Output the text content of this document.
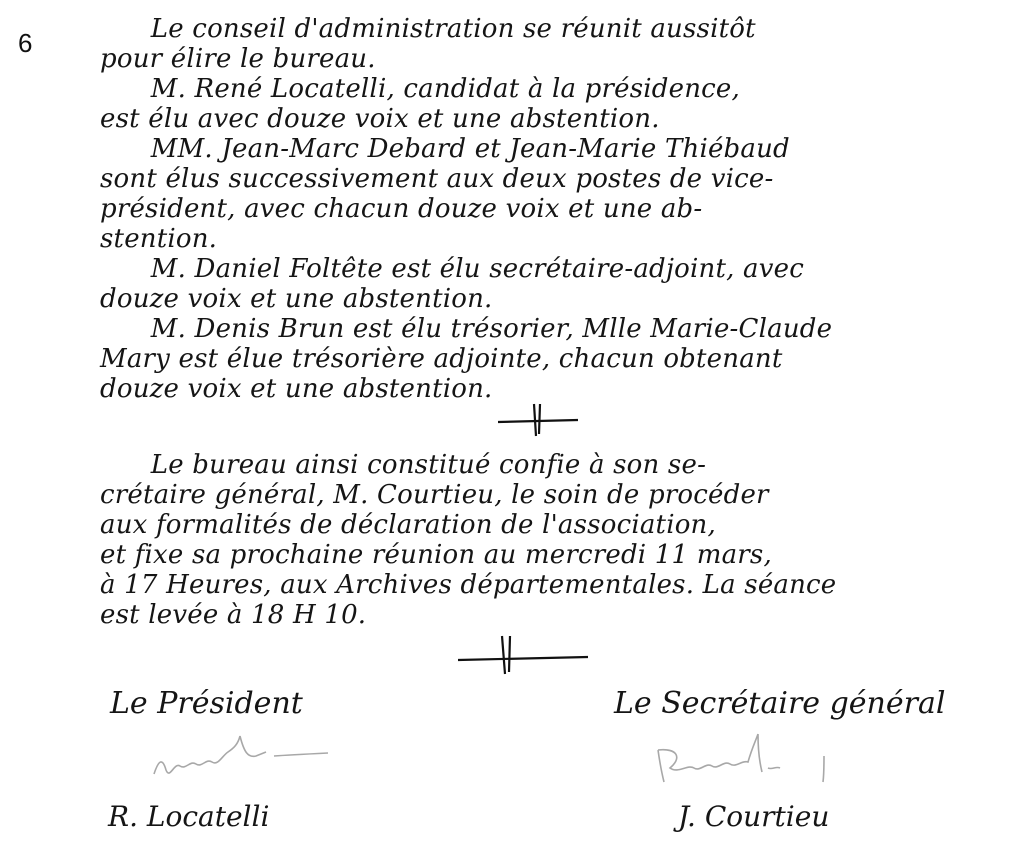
6	Le conseil d'administration se réunit aussitôt
pour élire le bureau.
M. René Locatelli, candidat à la présidence,
est élu avec douze voix et une abstention.
MM. Jean-Marc Debard et Jean-Marie Thiébaud
sont élus successivement aux deux postes de vice-
président, avec chacun douze voix et une ab-
stention.
M. Daniel Foltête est élu secrétaire-adjoint, avec
douze voix et une abstention.
M. Denis Brun est élu trésorier, Mlle Marie-Claude
Mary est élue trésorière adjointe, chacun obtenant
douze voix et une abstention.
Le bureau ainsi constitué confie à son se-
crétaire général, M. Courtieu, le soin de procéder
aux formalités de déclaration de l'association,
et fixe sa prochaine réunion au mercredi 11 mars,
à 17 Heures, aux Archives départementales. La séance
est levée à 18 H 10.
Le Président	Le Secrétaire général
R. Locatelli	J. Courtieu
